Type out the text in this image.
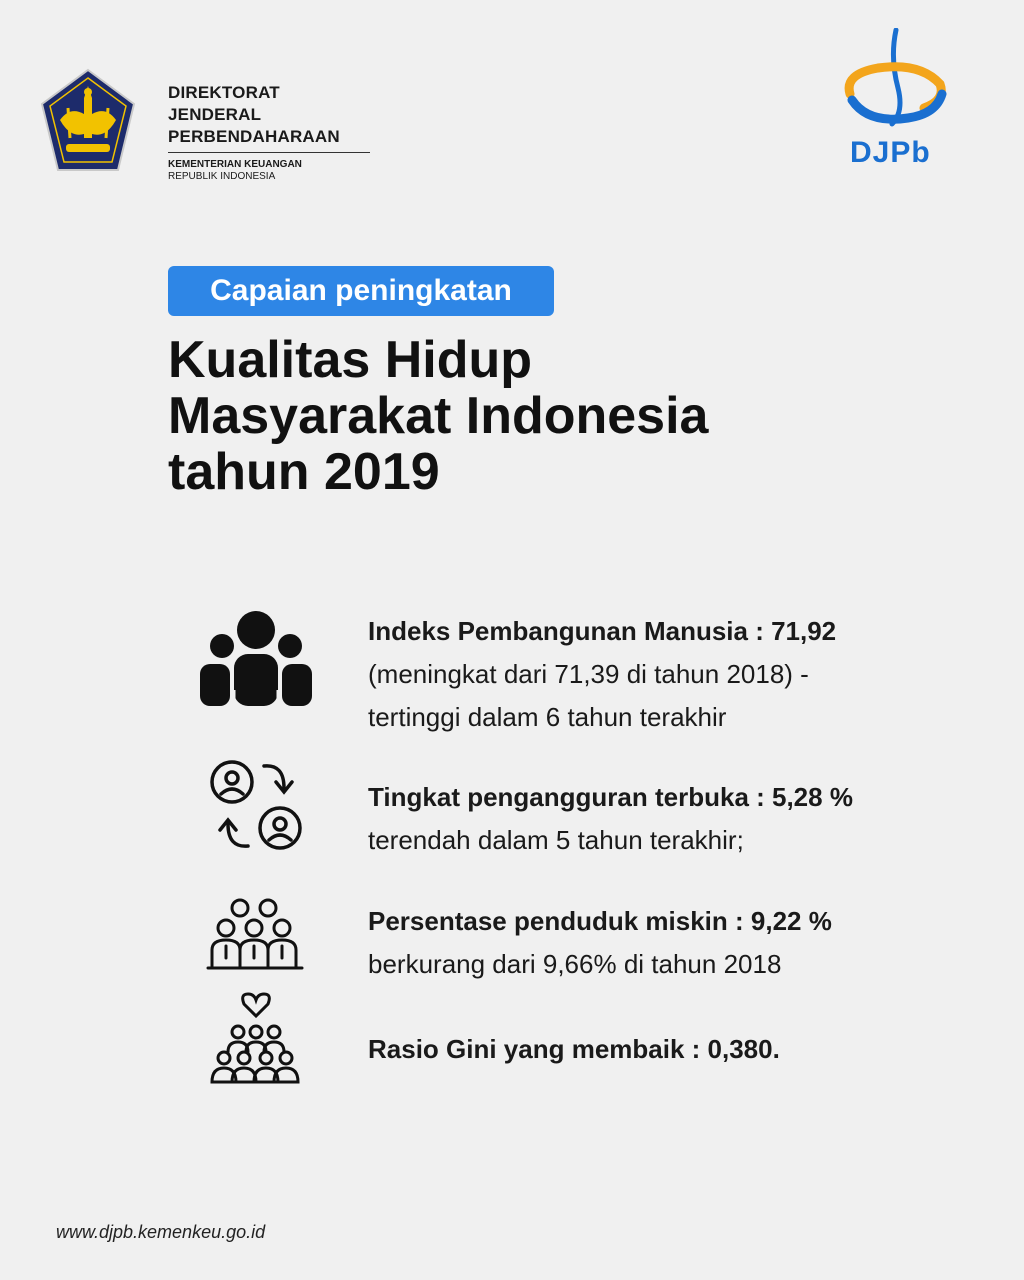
DIREKTORAT JENDERAL
PERBENDAHARAAN
KEMENTERIAN KEUANGAN
REPUBLIK INDONESIA
DJPb
Capaian peningkatan
Kualitas Hidup
Masyarakat Indonesia
tahun 2019
Indeks Pembangunan Manusia : 71,92
(meningkat dari 71,39 di tahun 2018) -
tertinggi dalam 6 tahun terakhir
Tingkat pengangguran terbuka : 5,28 %
terendah dalam 5 tahun terakhir;
Persentase penduduk miskin : 9,22 %
berkurang dari 9,66% di tahun 2018
Rasio Gini yang membaik : 0,380.
www.djpb.kemenkeu.go.id
